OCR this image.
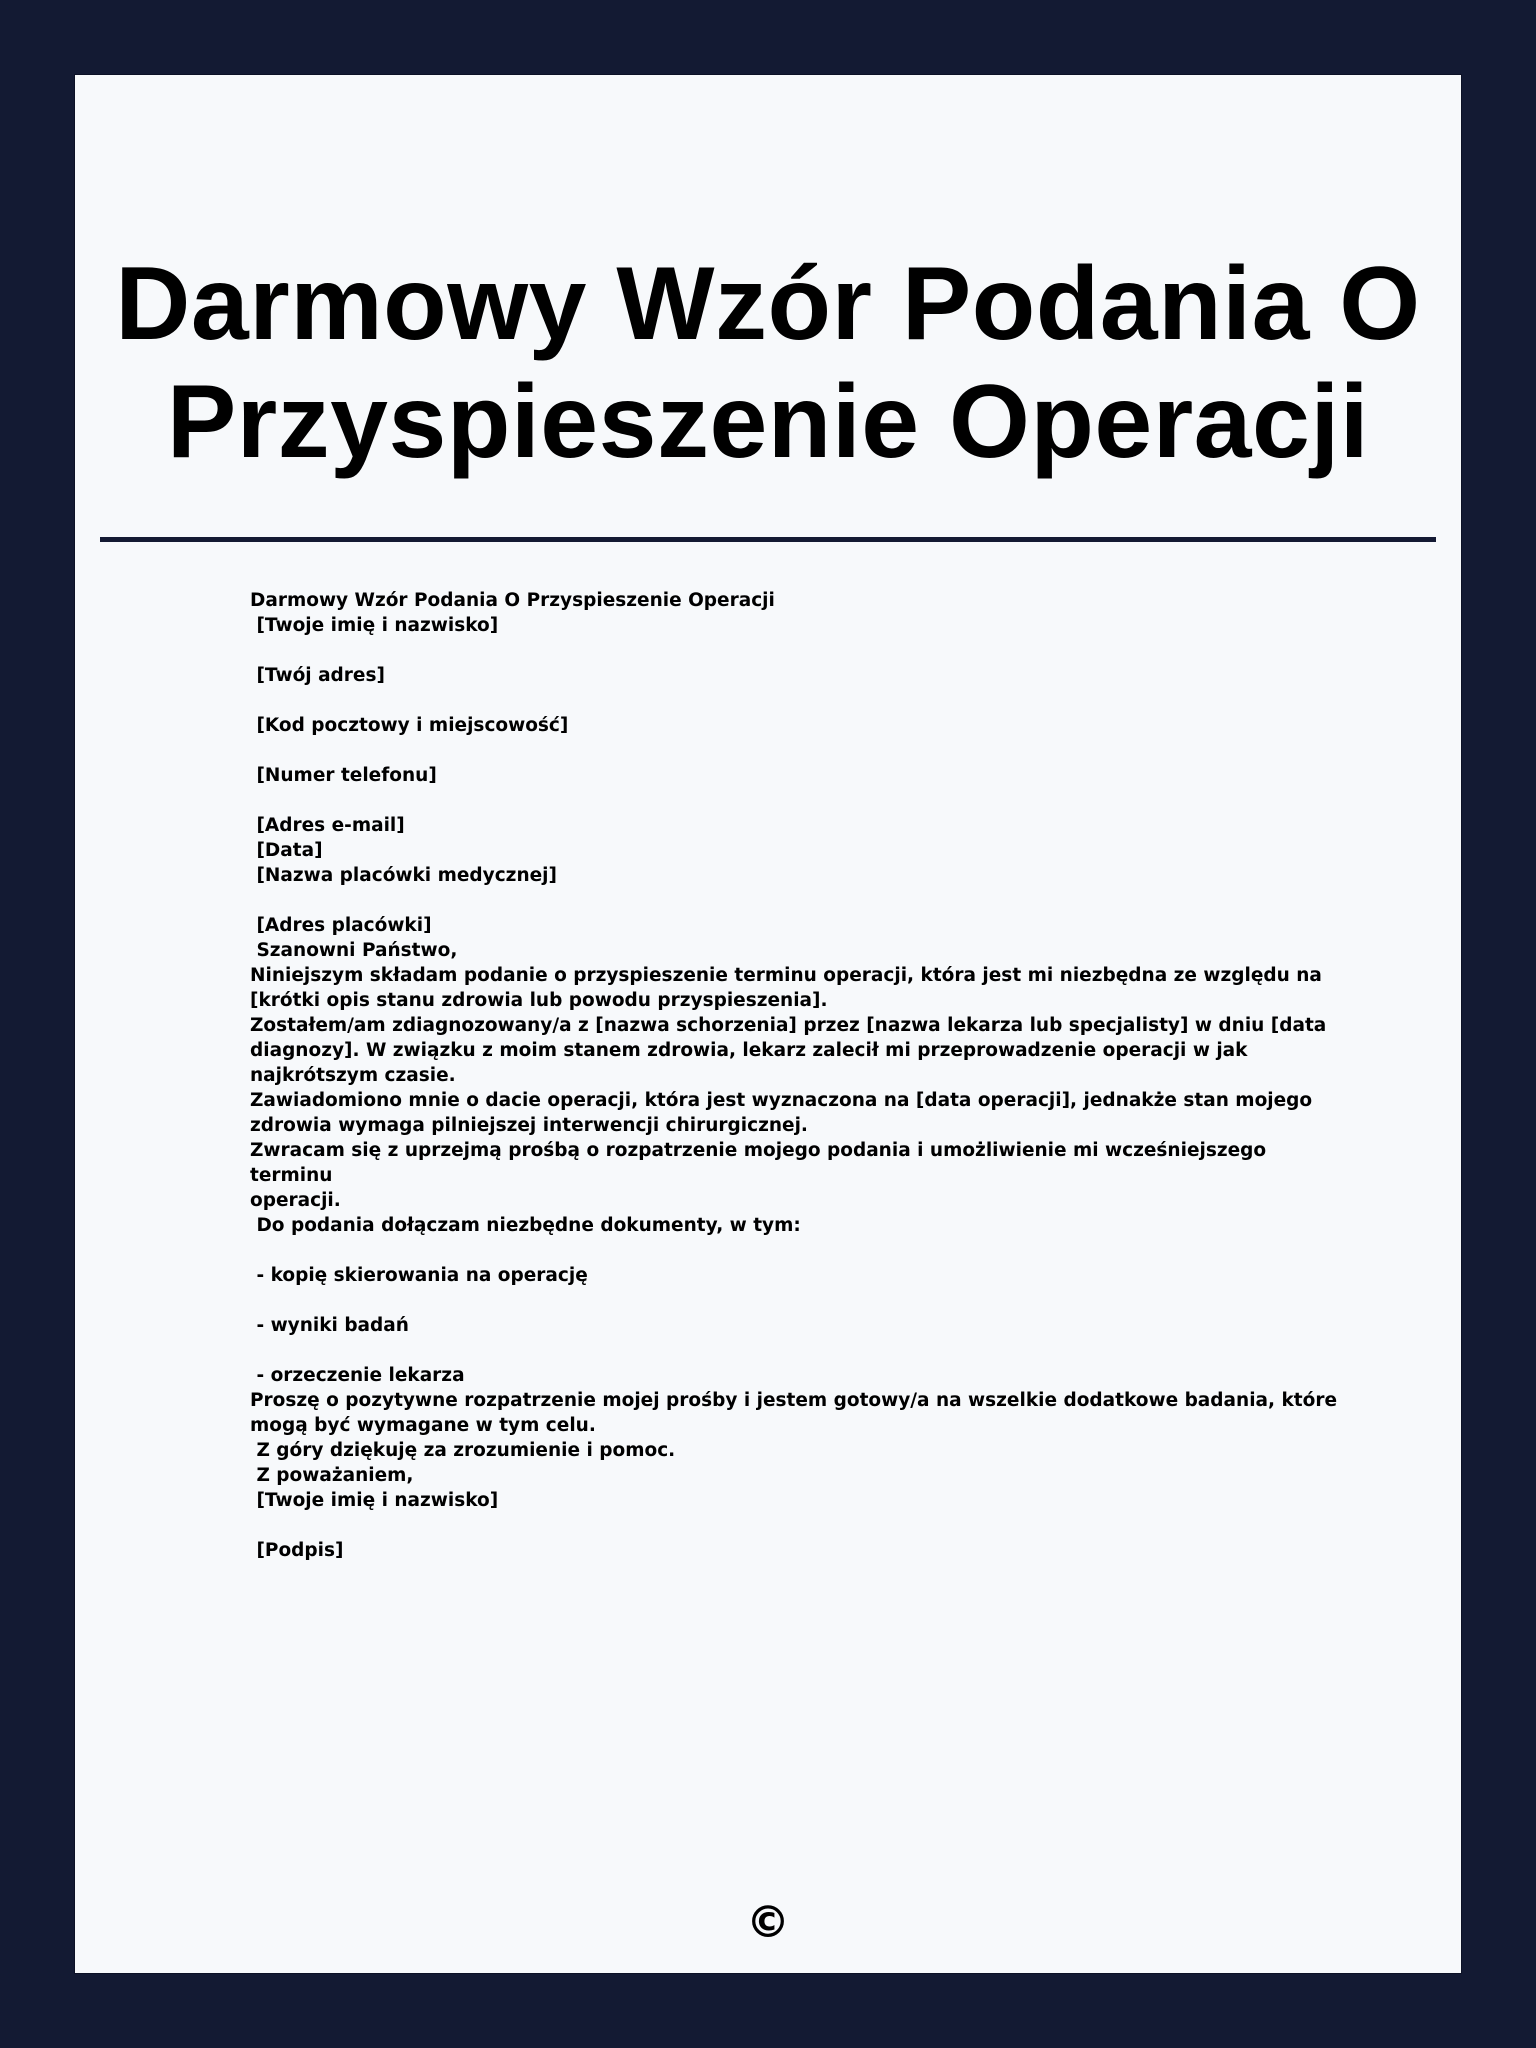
Darmowy Wzór Podania O Przyspieszenie Operacji
Darmowy Wzór Podania O Przyspieszenie Operacji
[Twoje imię i nazwisko]

[Twój adres]

[Kod pocztowy i miejscowość]

[Numer telefonu]

[Adres e-mail]
[Data]
[Nazwa placówki medycznej]

[Adres placówki]
Szanowni Państwo,
Niniejszym składam podanie o przyspieszenie terminu operacji, która jest mi niezbędna ze względu na
[krótki opis stanu zdrowia lub powodu przyspieszenia].
Zostałem/am zdiagnozowany/a z [nazwa schorzenia] przez [nazwa lekarza lub specjalisty] w dniu [data
diagnozy]. W związku z moim stanem zdrowia, lekarz zalecił mi przeprowadzenie operacji w jak
najkrótszym czasie.
Zawiadomiono mnie o dacie operacji, która jest wyznaczona na [data operacji], jednakże stan mojego
zdrowia wymaga pilniejszej interwencji chirurgicznej.
Zwracam się z uprzejmą prośbą o rozpatrzenie mojego podania i umożliwienie mi wcześniejszego terminu
operacji.
Do podania dołączam niezbędne dokumenty, w tym:

- kopię skierowania na operację

- wyniki badań

- orzeczenie lekarza
Proszę o pozytywne rozpatrzenie mojej prośby i jestem gotowy/a na wszelkie dodatkowe badania, które
mogą być wymagane w tym celu.
Z góry dziękuję za zrozumienie i pomoc.
Z poważaniem,
[Twoje imię i nazwisko]

[Podpis]
©
